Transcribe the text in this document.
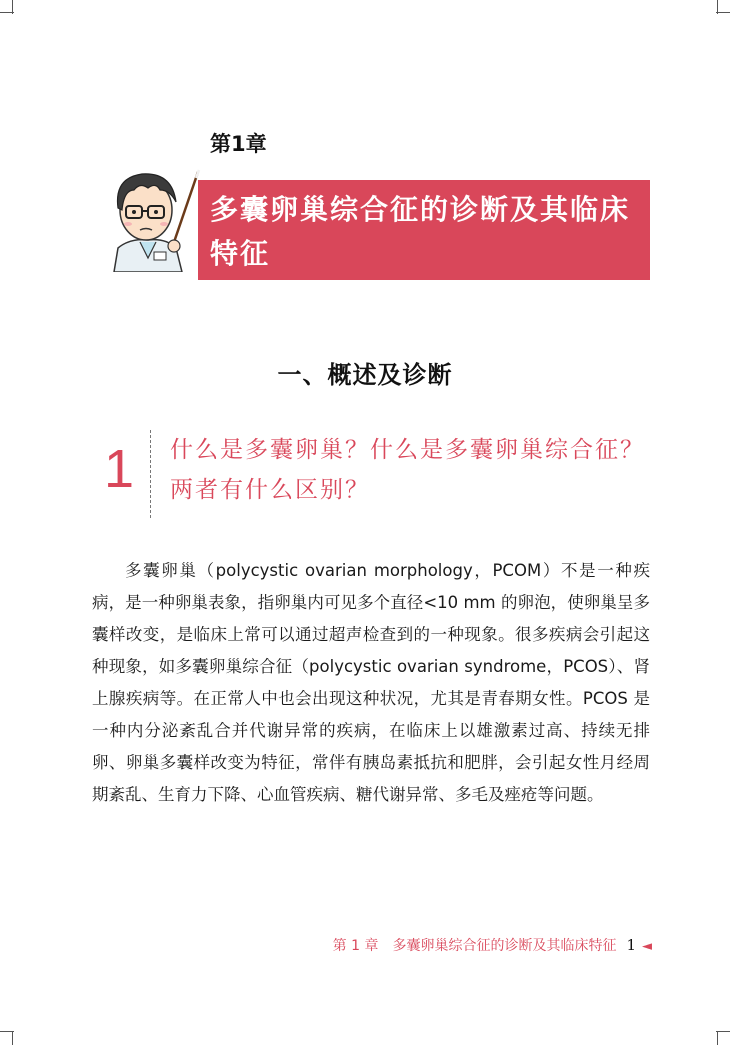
第1章
多囊卵巢综合征的诊断及其临床特征
一、概述及诊断
1 什么是多囊卵巢？什么是多囊卵巢综合征？两者有什么区别？
多囊卵巢（polycystic ovarian morphology，PCOM）不是一种疾病，是一种卵巢表象，指卵巢内可见多个直径<10 mm 的卵泡，使卵巢呈多囊样改变，是临床上常可以通过超声检查到的一种现象。很多疾病会引起这种现象，如多囊卵巢综合征（polycystic ovarian syndrome，PCOS）、肾上腺疾病等。在正常人中也会出现这种状况，尤其是青春期女性。PCOS 是一种内分泌紊乱合并代谢异常的疾病，在临床上以雄激素过高、持续无排卵、卵巢多囊样改变为特征，常伴有胰岛素抵抗和肥胖，会引起女性月经周期紊乱、生育力下降、心血管疾病、糖代谢异常、多毛及痤疮等问题。
第 1 章　多囊卵巢综合征的诊断及其临床特征 1 ◄
